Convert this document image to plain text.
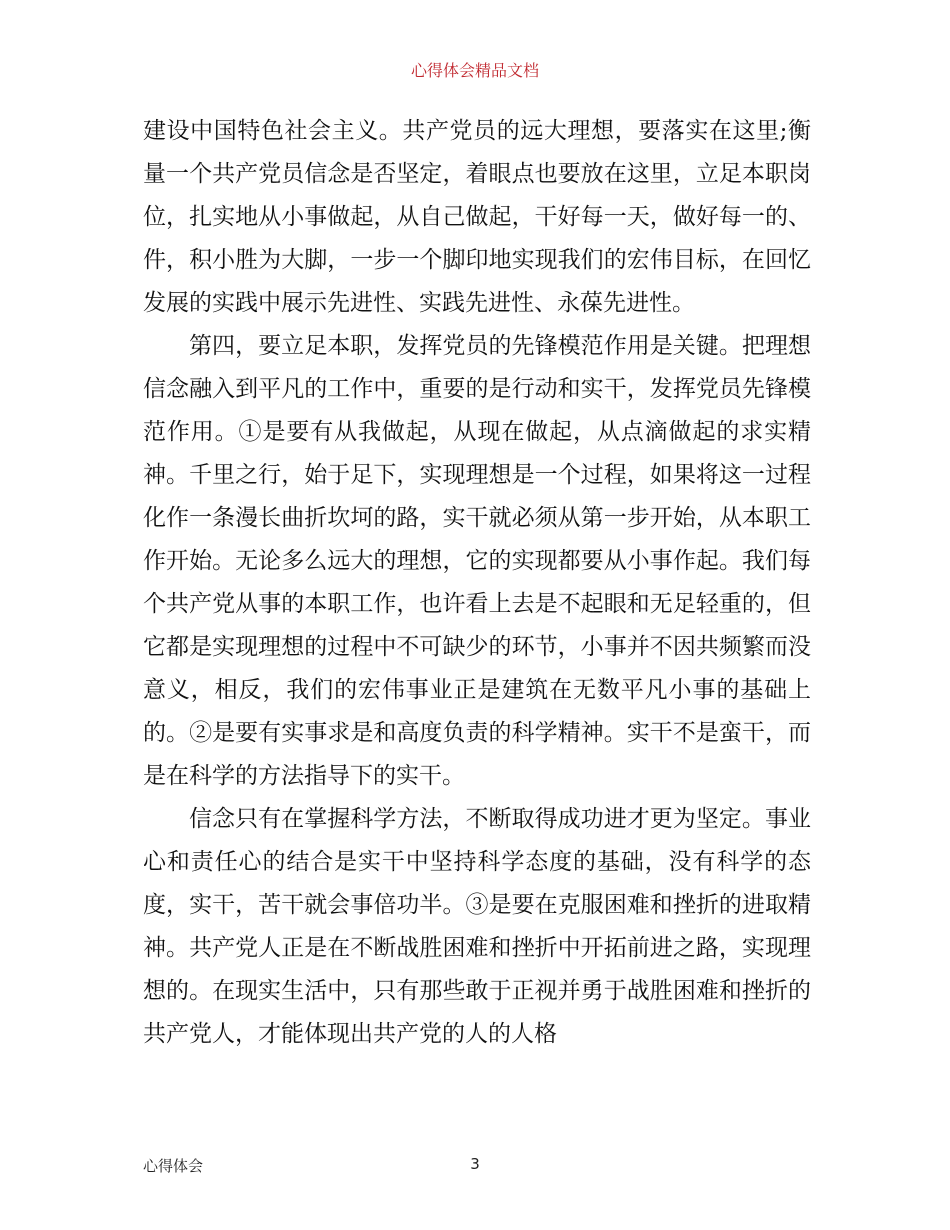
心得体会精品文档

建设中国特色社会主义。共产党员的远大理想，要落实在这里;衡量一个共产党员信念是否坚定，着眼点也要放在这里，立足本职岗位，扎实地从小事做起，从自己做起，干好每一天，做好每一的、件，积小胜为大脚，一步一个脚印地实现我们的宏伟目标，在回忆发展的实践中展示先进性、实践先进性、永葆先进性。

第四，要立足本职，发挥党员的先锋模范作用是关键。把理想信念融入到平凡的工作中，重要的是行动和实干，发挥党员先锋模范作用。①是要有从我做起，从现在做起，从点滴做起的求实精神。千里之行，始于足下，实现理想是一个过程，如果将这一过程化作一条漫长曲折坎坷的路，实干就必须从第一步开始，从本职工作开始。无论多么远大的理想，它的实现都要从小事作起。我们每个共产党从事的本职工作，也许看上去是不起眼和无足轻重的，但它都是实现理想的过程中不可缺少的环节，小事并不因共频繁而没意义，相反，我们的宏伟事业正是建筑在无数平凡小事的基础上的。②是要有实事求是和高度负责的科学精神。实干不是蛮干，而是在科学的方法指导下的实干。

信念只有在掌握科学方法，不断取得成功进才更为坚定。事业心和责任心的结合是实干中坚持科学态度的基础，没有科学的态度，实干，苦干就会事倍功半。③是要在克服困难和挫折的进取精神。共产党人正是在不断战胜困难和挫折中开拓前进之路，实现理想的。在现实生活中，只有那些敢于正视并勇于战胜困难和挫折的共产党人，才能体现出共产党的人的人格

心得体会	3
